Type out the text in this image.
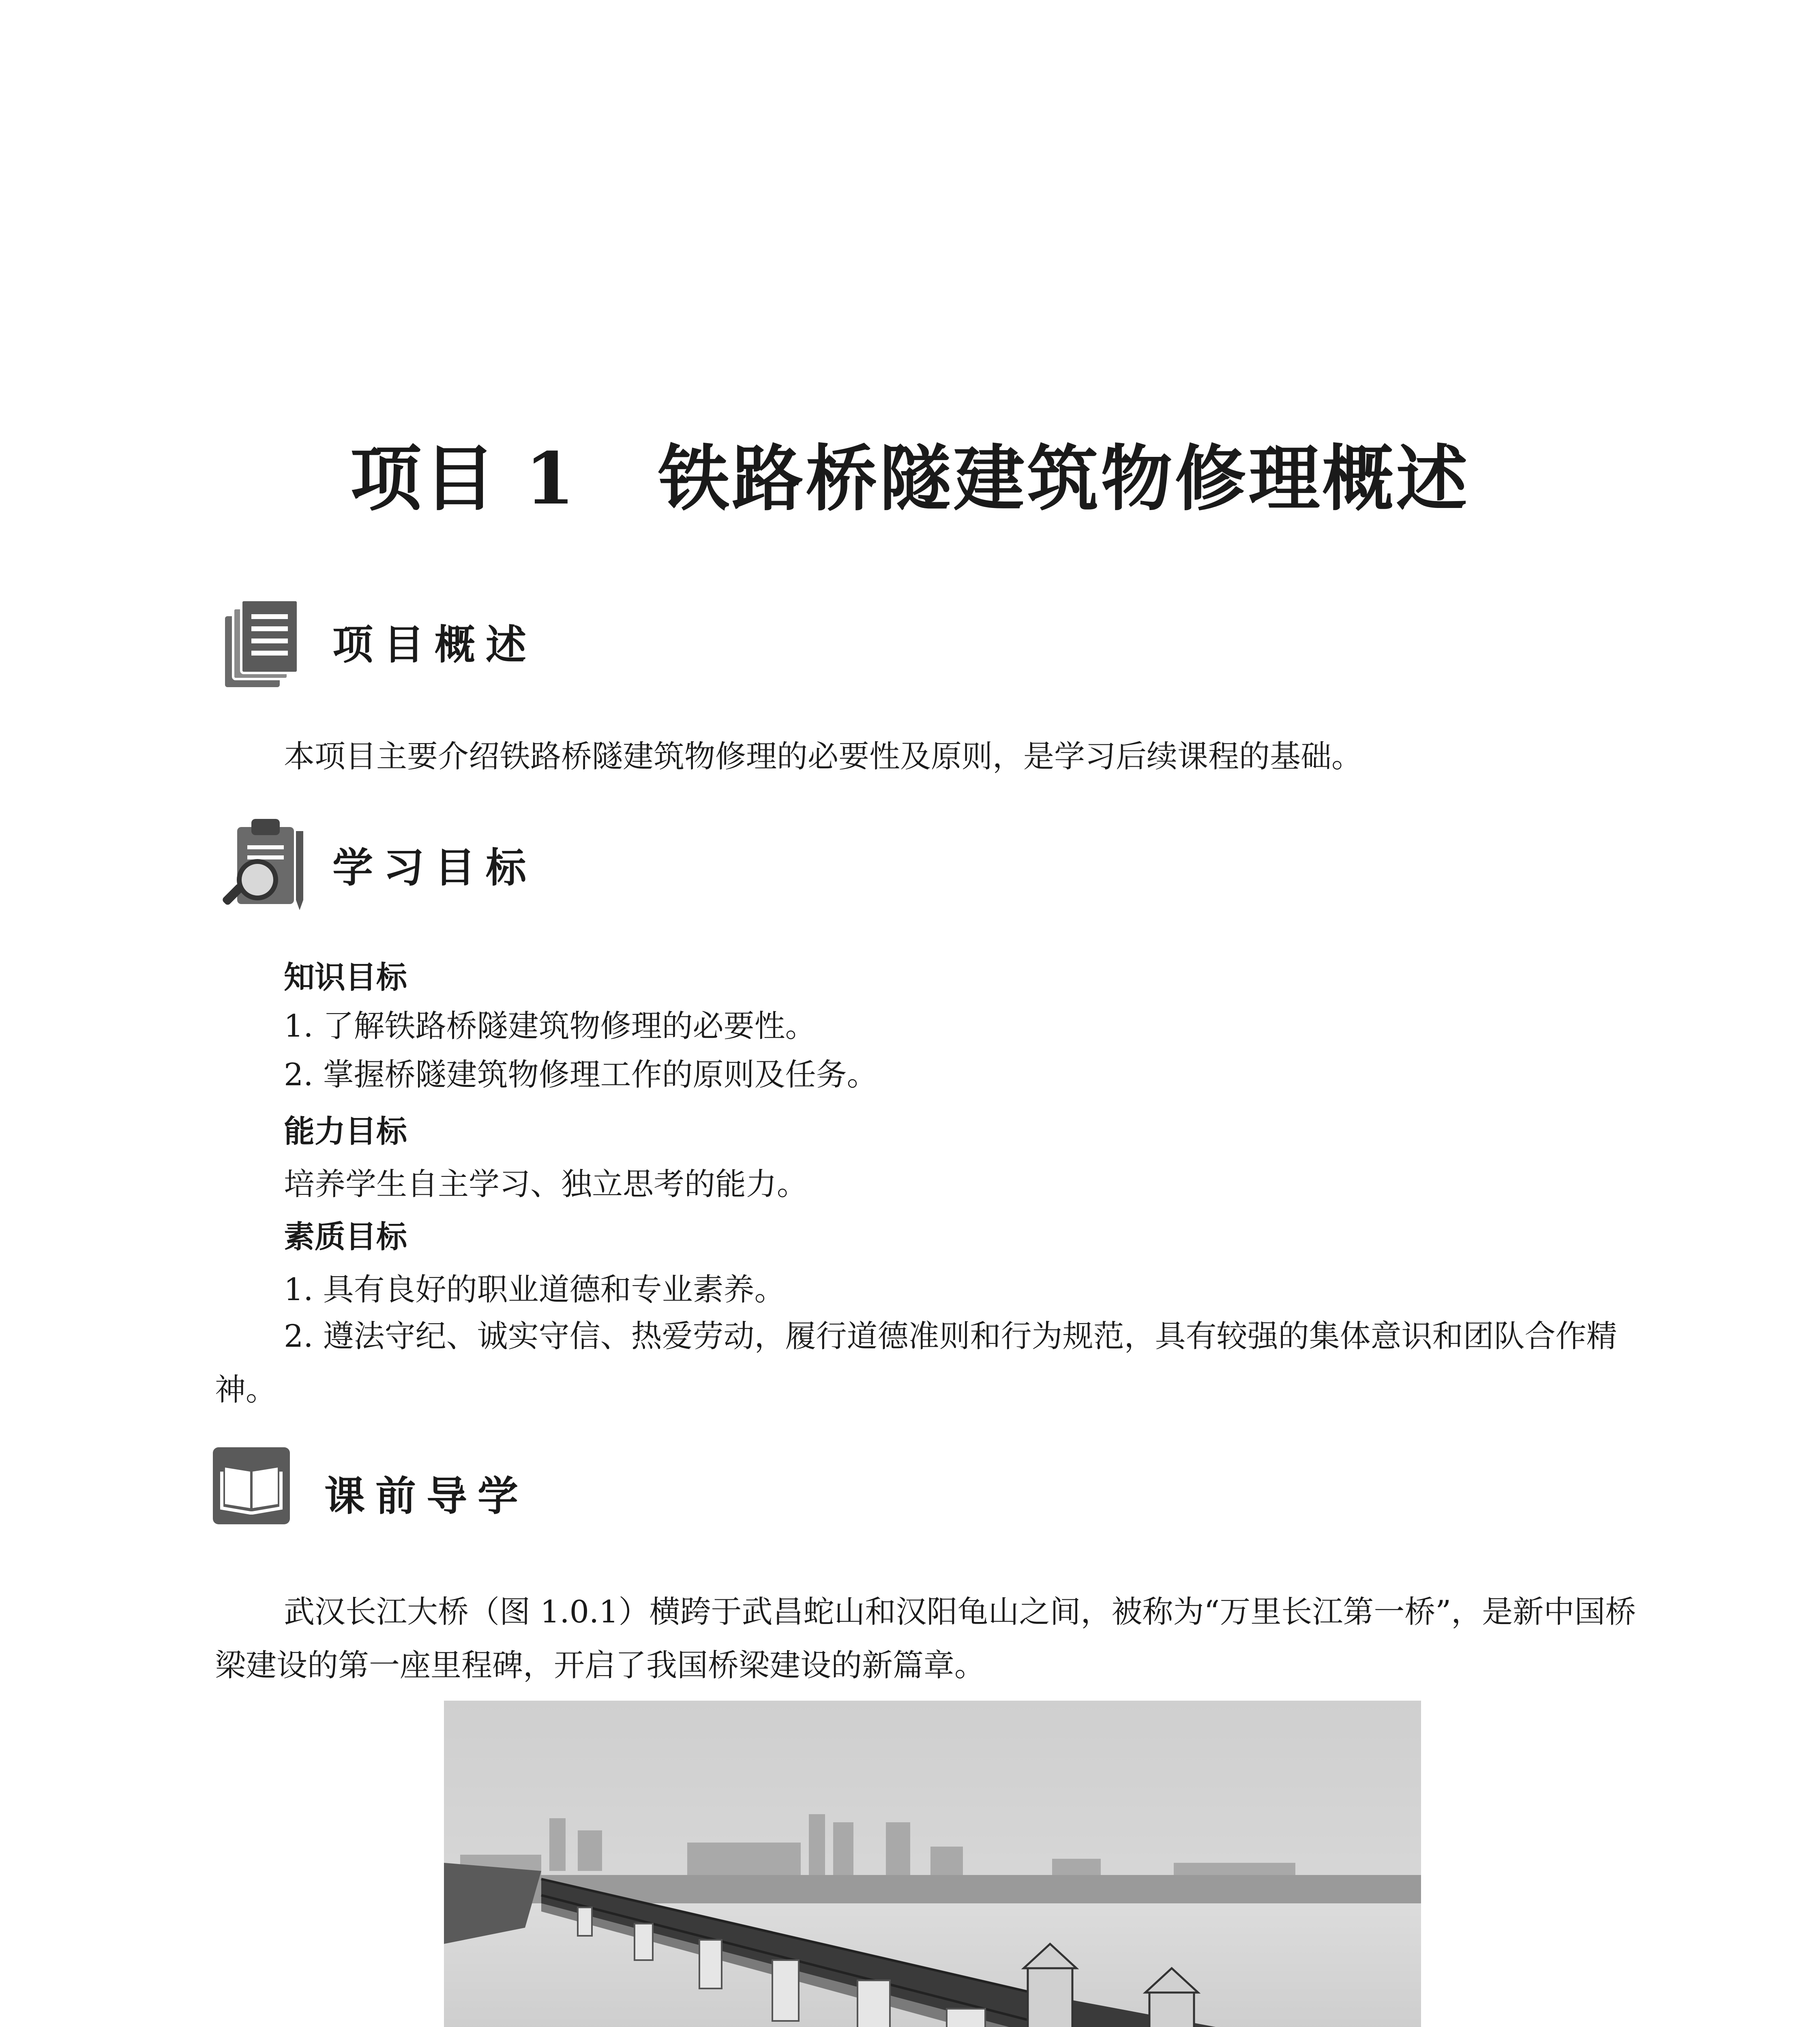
项目 1 铁路桥隧建筑物修理概述
项目概述

本项目主要介绍铁路桥隧建筑物修理的必要性及原则，是学习后续课程的基础。

学习目标
知识目标
1. 了解铁路桥隧建筑物修理的必要性。
2. 掌握桥隧建筑物修理工作的原则及任务。
能力目标
培养学生自主学习、独立思考的能力。
素质目标
1. 具有良好的职业道德和专业素养。

2. 遵法守纪、诚实守信、热爱劳动，履行道德准则和行为规范，具有较强的集体意识和团队合作精神。

课前导学

武汉长江大桥（图 1.0.1）横跨于武昌蛇山和汉阳龟山之间，被称为“万里长江第一桥”，是新中国桥梁建设的第一座里程碑，开启了我国桥梁建设的新篇章。
